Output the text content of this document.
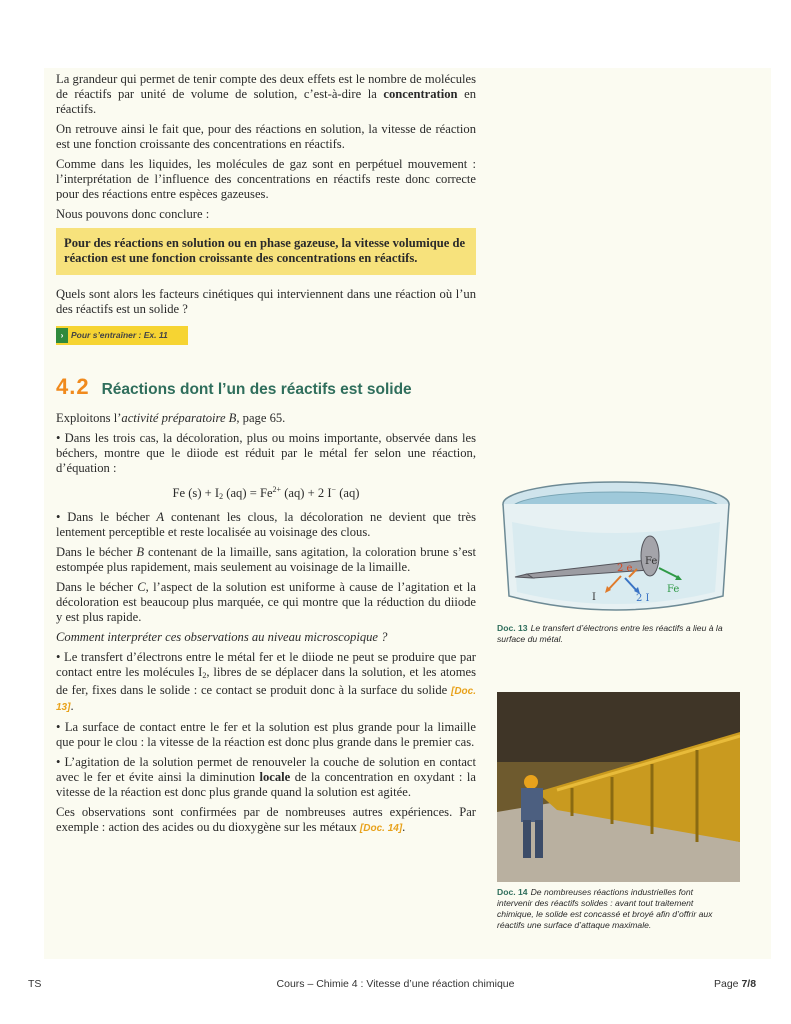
La grandeur qui permet de tenir compte des deux effets est le nombre de molécules de réactifs par unité de volume de solution, c’est-à-dire la concentration en réactifs.

On retrouve ainsi le fait que, pour des réactions en solution, la vitesse de réaction est une fonction croissante des concentrations en réactifs.

Comme dans les liquides, les molécules de gaz sont en perpétuel mouvement : l’interprétation de l’influence des concentrations en réactifs reste donc correcte pour des réactions entre espèces gazeuses.

Nous pouvons donc conclure :

Pour des réactions en solution ou en phase gazeuse, la vitesse volumique de réaction est une fonction croissante des concentrations en réactifs.

Quels sont alors les facteurs cinétiques qui interviennent dans une réaction où l’un des réactifs est un solide ?

› Pour s’entraîner : Ex. 11
4.2 Réactions dont l’un des réactifs est solide

Exploitons l’activité préparatoire B, page 65.

• Dans les trois cas, la décoloration, plus ou moins importante, observée dans les béchers, montre que le diiode est réduit par le métal fer selon une réaction, d’équation :

Fe $(s) + I_2$ $(aq) = Fe^{2+}$ (aq) + 2 I− (aq)

• Dans le bécher A contenant les clous, la décoloration ne devient que très lentement perceptible et reste localisée au voisinage des clous.

Dans le bécher B contenant de la limaille, sans agitation, la coloration brune s’est estompée plus rapidement, mais seulement au voisinage de la limaille.

Dans le bécher C, l’aspect de la solution est uniforme à cause de l’agitation et la décoloration est beaucoup plus marquée, ce qui montre que la réduction du diiode y est plus rapide.

Comment interpréter ces observations au niveau microscopique ?

• Le transfert d’électrons entre le métal fer et le diiode ne peut se produire que par contact entre les molécules $I_2$, libres de se déplacer dans la solution, et les atomes de fer, fixes dans le solide : ce contact se produit donc à la surface du solide [Doc. 13].

• La surface de contact entre le fer et la solution est plus grande pour la limaille que pour le clou : la vitesse de la réaction est donc plus grande dans le premier cas.

• L’agitation de la solution permet de renouveler la couche de solution en contact avec le fer et évite ainsi la diminution locale de la concentration en oxydant : la vitesse de la réaction est donc plus grande quand la solution est agitée.

Ces observations sont confirmées par de nombreuses autres expériences. Par exemple : action des acides ou du dioxygène sur les métaux [Doc. 14].

2 e
Fe
I	2 I
Fe
Doc. 13 Le transfert d’électrons entre les réactifs a lieu à la surface du métal.
Doc. 14 De nombreuses réactions industrielles font intervenir des réactifs solides : avant tout traitement chimique, le solide est concassé et broyé afin d’offrir aux réactifs une surface d’attaque maximale.
TS	Cours – Chimie 4 : Vitesse d’une réaction chimique	Page 7/8
